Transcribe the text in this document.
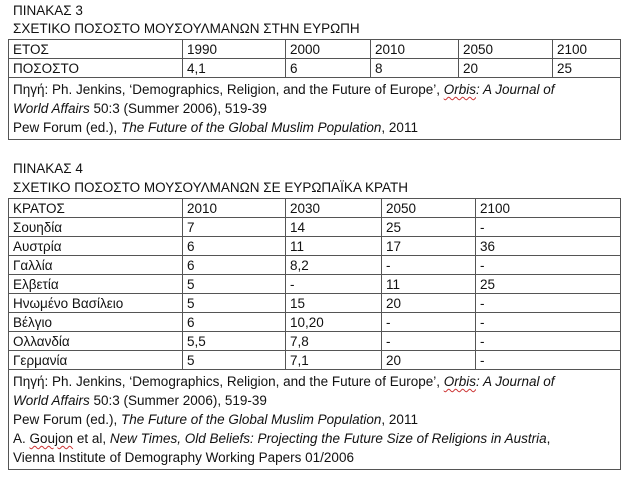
ΠΙΝΑΚΑΣ 3
ΣΧΕΤΙΚΟ ΠΟΣΟΣΤΟ ΜΟΥΣΟΥΛΜΑΝΩΝ ΣΤΗΝ ΕΥΡΩΠΗ
ΕΤΟΣ	1990	2000	2010	2050	2100
ΠΟΣΟΣΤΟ	4,1	6	8	20	25

Πηγή: Ph. Jenkins, ‘Demographics, Religion, and the Future of Europe’, Orbis: A Journal of
World Affairs 50:3 (Summer 2006), 519-39
Pew Forum (ed.), The Future of the Global Muslim Population, 2011					
ΠΙΝΑΚΑΣ 4
ΣΧΕΤΙΚΟ ΠΟΣΟΣΤΟ ΜΟΥΣΟΥΛΜΑΝΩΝ ΣΕ ΕΥΡΩΠΑΪΚΑ ΚΡΑΤΗ
ΚΡΑΤΟΣ	2010	2030	2050	2100
Σουηδία	7	14	25	-
Αυστρία	6	11	17	36
Γαλλία	6	8,2	-	-
Ελβετία	5	-	11	25
Ηνωμένο Βασίλειο	5	15	20	-
Βέλγιο	6	10,20	-	-
Ολλανδία	5,5	7,8	-	-
Γερμανία	5	7,1	20	-

Πηγή: Ph. Jenkins, ‘Demographics, Religion, and the Future of Europe’, Orbis: A Journal of
World Affairs 50:3 (Summer 2006), 519-39
Pew Forum (ed.), The Future of the Global Muslim Population, 2011
A. Goujon et al, New Times, Old Beliefs: Projecting the Future Size of Religions in Austria,
Vienna Institute of Demography Working Papers 01/2006				
